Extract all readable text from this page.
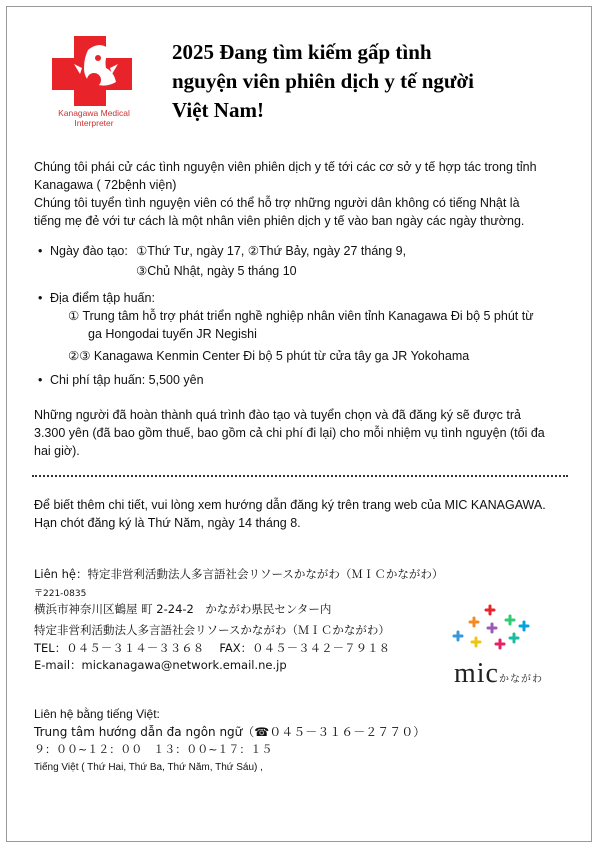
Kanagawa Medical
Interpreter
2025 Đang tìm kiếm gấp tình
nguyện viên phiên dịch y tế người
Việt Nam!
Chúng tôi phái cử các tình nguyện viên phiên dịch y tế tới các cơ sở y tế hợp tác trong tỉnh
Kanagawa ( 72bệnh viện)
Chúng tôi tuyển tình nguyện viên có thể hỗ trợ những người dân không có tiếng Nhật là
tiếng mẹ đẻ với tư cách là một nhân viên phiên dịch y tế vào ban ngày các ngày thường.
Ngày đào tạo: ①Thứ Tư, ngày 17, ②Thứ Bảy, ngày 27 tháng 9,
③Chủ Nhật, ngày 5 tháng 10
Địa điểm tập huấn:
① Trung tâm hỗ trợ phát triển nghề nghiệp nhân viên tỉnh Kanagawa Đi bộ 5 phút từ
ga Hongodai tuyến JR Negishi
②③ Kanagawa Kenmin Center Đi bộ 5 phút từ cửa tây ga JR Yokohama
Chi phí tập huấn: 5,500 yên
Những người đã hoàn thành quá trình đào tạo và tuyển chọn và đã đăng ký sẽ được trả
3.300 yên (đã bao gồm thuế, bao gồm cả chi phí đi lại) cho mỗi nhiệm vụ tình nguyện (tối đa
hai giờ).
Để biết thêm chi tiết, vui lòng xem hướng dẫn đăng ký trên trang web của MIC KANAGAWA.
Hạn chót đăng ký là Thứ Năm, ngày 14 tháng 8.
Liên hệ：特定非営利活動法人多言語社会リソースかながわ（ＭＩＣかながわ）
〒221-0835
横浜市神奈川区鶴屋 町 2-24-2　かながわ県民センター内
特定非営利活動法人多言語社会リソースかながわ（ＭＩＣかながわ）
TEL：０４５－３１４－３３６８　 FAX：０４５－３４２－７９１８
E-mail：mickanagawa@network.email.ne.jp	micかながわ
Liên hệ bằng tiếng Việt:
Trung tâm hướng dẫn đa ngôn ngữ（☎０４５－３１６－２７７０）
９：００~１２：００　１３：００~１７：１５
Tiếng Việt ( Thứ Hai, Thứ Ba, Thứ Năm, Thứ Sáu) ,
